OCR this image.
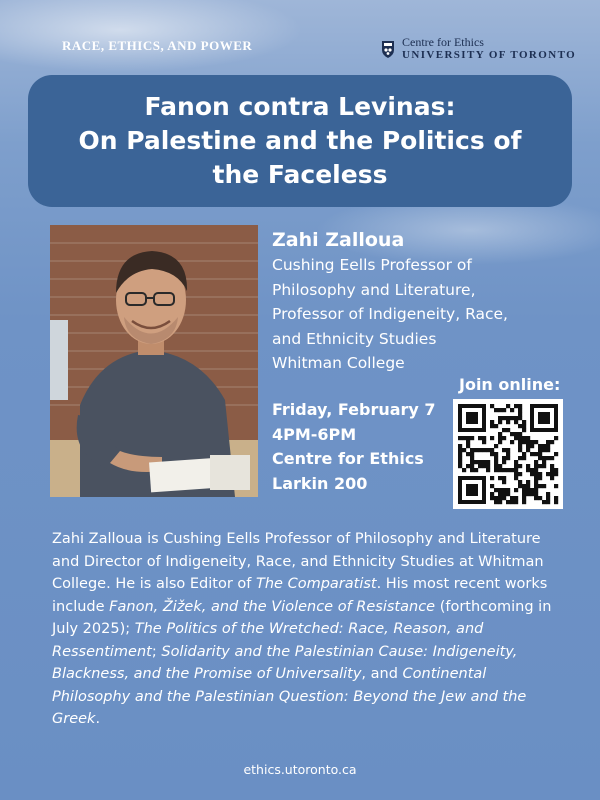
RACE, ETHICS, AND POWER	Centre for Ethics
UNIVERSITY OF TORONTO
Fanon contra Levinas:
On Palestine and the Politics of
the Faceless
Zahi Zalloua
Cushing Eells Professor of
Philosophy and Literature,
Professor of Indigeneity, Race,
and Ethnicity Studies
Whitman College
Join online:
Friday, February 7
4PM-6PM
Centre for Ethics
Larkin 200

Zahi Zalloua is Cushing Eells Professor of Philosophy and Literature and Director of Indigeneity, Race, and Ethnicity Studies at Whitman College. He is also Editor of The Comparatist. His most recent works include Fanon, Žižek, and the Violence of Resistance (forthcoming in July 2025); The Politics of the Wretched: Race, Reason, and Ressentiment; Solidarity and the Palestinian Cause: Indigeneity, Blackness, and the Promise of Universality, and Continental Philosophy and the Palestinian Question: Beyond the Jew and the Greek.

ethics.utoronto.ca
